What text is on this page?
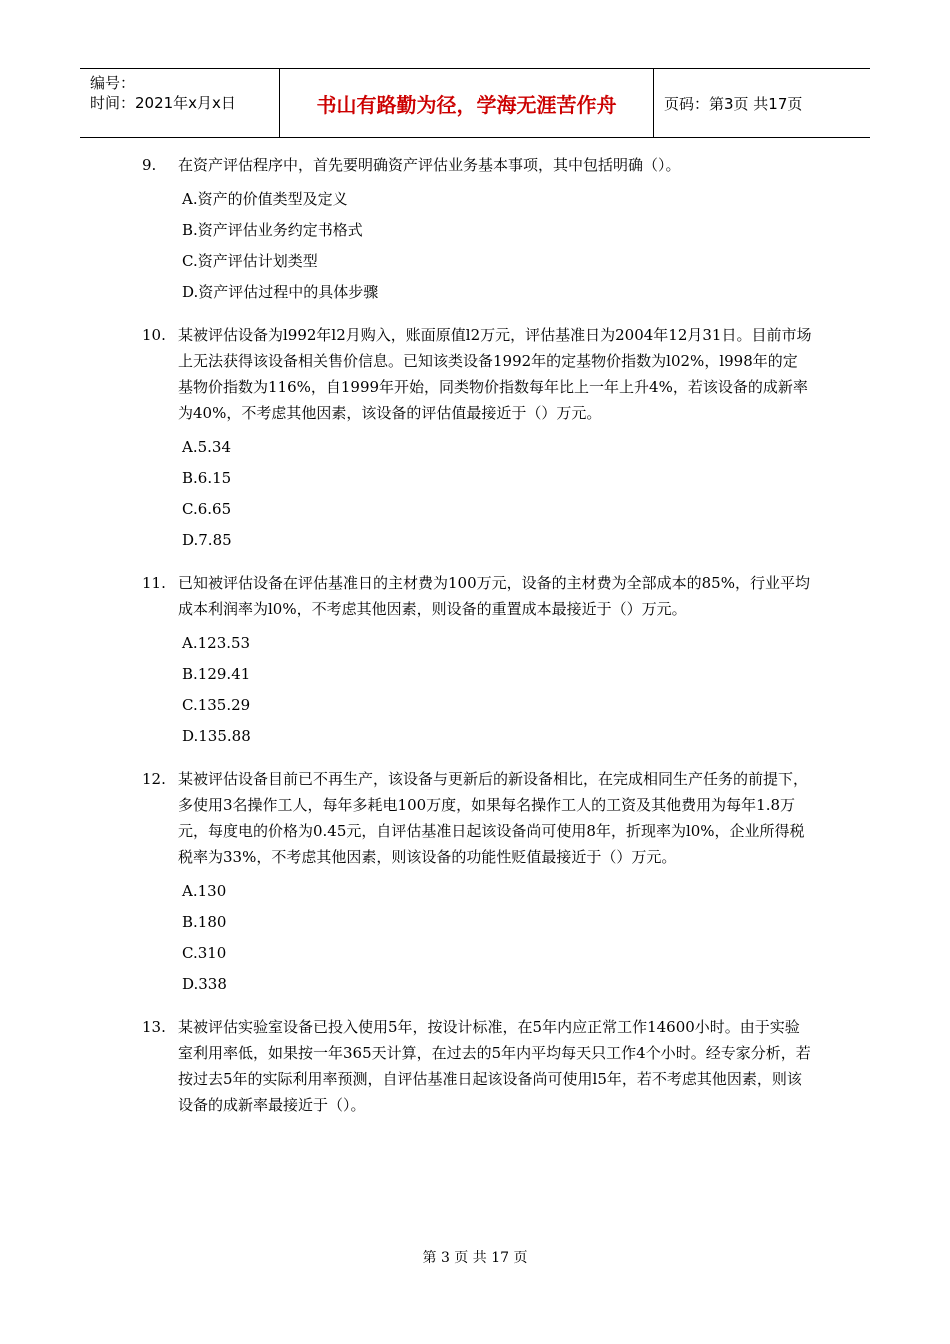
编号：
时间：2021年x月x日	书山有路勤为径，学海无涯苦作舟	页码：第3页 共17页
9.	在资产评估程序中，首先要明确资产评估业务基本事项，其中包括明确（）。
A.资产的价值类型及定义
B.资产评估业务约定书格式
C.资产评估计划类型
D.资产评估过程中的具体步骤
10. 某被评估设备为l992年l2月购入，账面原值l2万元，评估基准日为2004年12月31日。目前市场上无法获得该设备相关售价信息。已知该类设备1992年的定基物价指数为l02%，l998年的定基物价指数为116%，自1999年开始，同类物价指数每年比上一年上升4%，若该设备的成新率为40%，不考虑其他因素，该设备的评估值最接近于（）万元。
A.5.34
B.6.15
C.6.65
D.7.85
11. 已知被评估设备在评估基准日的主材费为100万元，设备的主材费为全部成本的85%，行业平均成本利润率为l0%，不考虑其他因素，则设备的重置成本最接近于（）万元。
A.123.53
B.129.41
C.135.29
D.135.88
12. 某被评估设备目前已不再生产，该设备与更新后的新设备相比，在完成相同生产任务的前提下，多使用3名操作工人，每年多耗电100万度，如果每名操作工人的工资及其他费用为每年1.8万元，每度电的价格为0.45元，自评估基准日起该设备尚可使用8年，折现率为l0%，企业所得税税率为33%，不考虑其他因素，则该设备的功能性贬值最接近于（）万元。
A.130
B.180
C.310
D.338
13. 某被评估实验室设备已投入使用5年，按设计标准，在5年内应正常工作14600小时。由于实验室利用率低，如果按一年365天计算，在过去的5年内平均每天只工作4个小时。经专家分析，若按过去5年的实际利用率预测，自评估基准日起该设备尚可使用l5年，若不考虑其他因素，则该设备的成新率最接近于（）。
第 3 页 共 17 页
